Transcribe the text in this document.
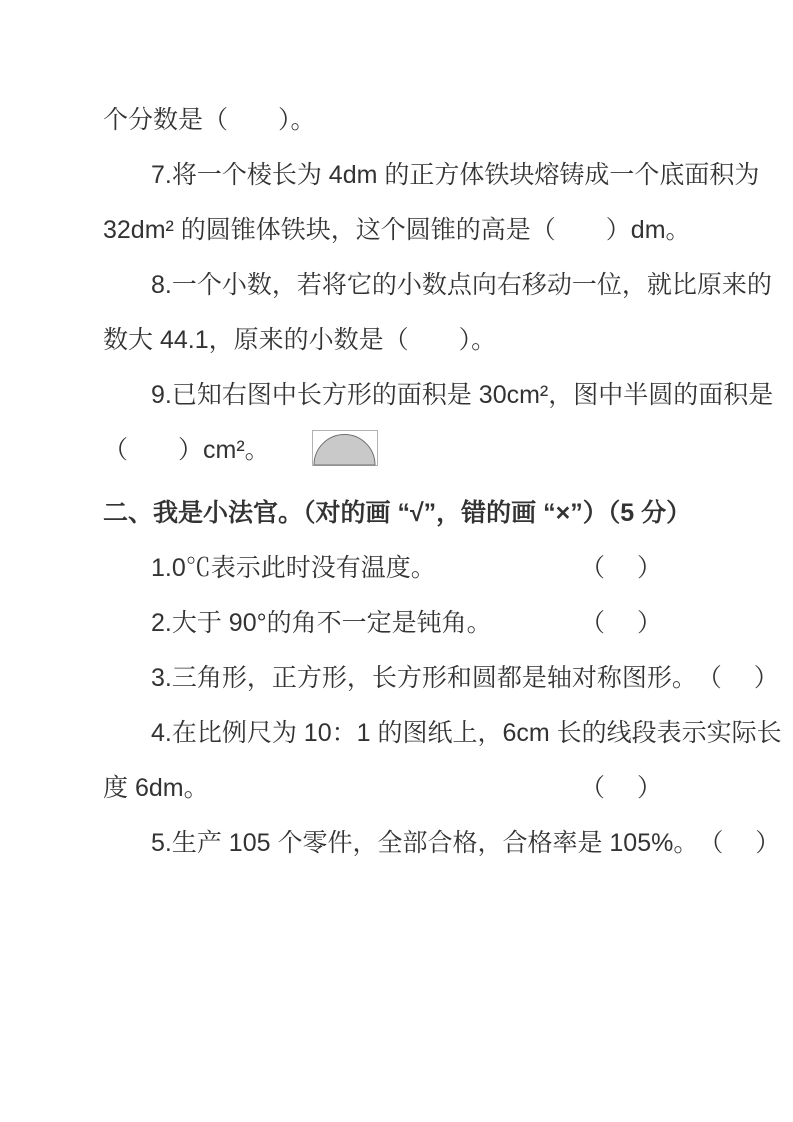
个分数是（　　）。
7.将一个棱长为 4dm 的正方体铁块熔铸成一个底面积为
32dm² 的圆锥体铁块，这个圆锥的高是（　　）dm。
8.一个小数，若将它的小数点向右移动一位，就比原来的
数大 44.1，原来的小数是（　　）。
9.已知右图中长方形的面积是 30cm²，图中半圆的面积是
（　　）cm²。
二、我是小法官。（对的画 “√”，错的画 “×”）（5 分）
1.0℃表示此时没有温度。	（　 ）
2.大于 90°的角不一定是钝角。	（　 ）
3.三角形，正方形，长方形和圆都是轴对称图形。 （　 ）
4.在比例尺为 10：1 的图纸上，6cm 长的线段表示实际长
度 6dm。	（　 ）
5.生产 105 个零件，全部合格，合格率是 105%。 （　 ）
